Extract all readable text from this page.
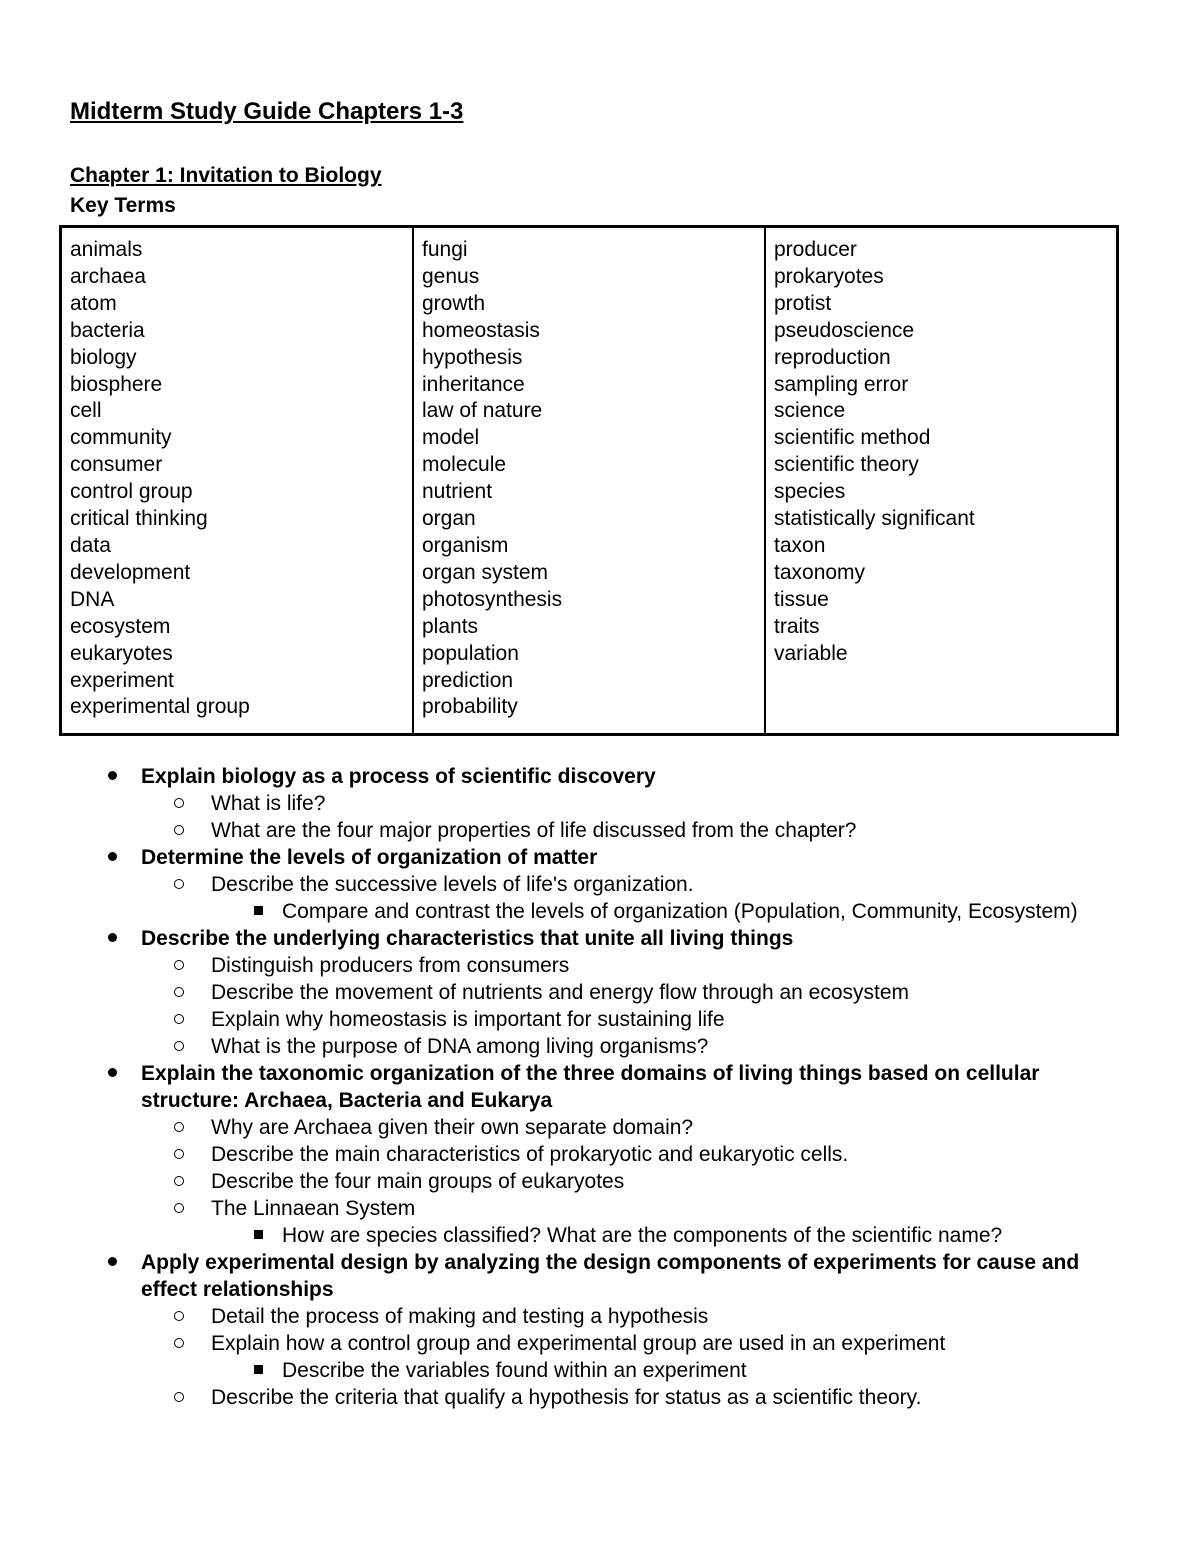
Midterm Study Guide Chapters 1-3
Chapter 1: Invitation to Biology
Key Terms
animals
archaea
atom
bacteria
biology
biosphere
cell
community
consumer
control group
critical thinking
data
development
DNA
ecosystem
eukaryotes
experiment
experimental group
fungi
genus
growth
homeostasis
hypothesis
inheritance
law of nature
model
molecule
nutrient
organ
organism
organ system
photosynthesis
plants
population
prediction
probability
producer
prokaryotes
protist
pseudoscience
reproduction
sampling error
science
scientific method
scientific theory
species
statistically significant
taxon
taxonomy
tissue
traits
variable
Explain biology as a process of scientific discovery
What is life?
What are the four major properties of life discussed from the chapter?
Determine the levels of organization of matter
Describe the successive levels of life's organization.
Compare and contrast the levels of organization (Population, Community, Ecosystem)
Describe the underlying characteristics that unite all living things
Distinguish producers from consumers
Describe the movement of nutrients and energy flow through an ecosystem
Explain why homeostasis is important for sustaining life
What is the purpose of DNA among living organisms?
Explain the taxonomic organization of the three domains of living things based on cellular structure: Archaea, Bacteria and Eukarya
Why are Archaea given their own separate domain?
Describe the main characteristics of prokaryotic and eukaryotic cells.
Describe the four main groups of eukaryotes
The Linnaean System
How are species classified? What are the components of the scientific name?
Apply experimental design by analyzing the design components of experiments for cause and effect relationships
Detail the process of making and testing a hypothesis
Explain how a control group and experimental group are used in an experiment
Describe the variables found within an experiment
Describe the criteria that qualify a hypothesis for status as a scientific theory.
